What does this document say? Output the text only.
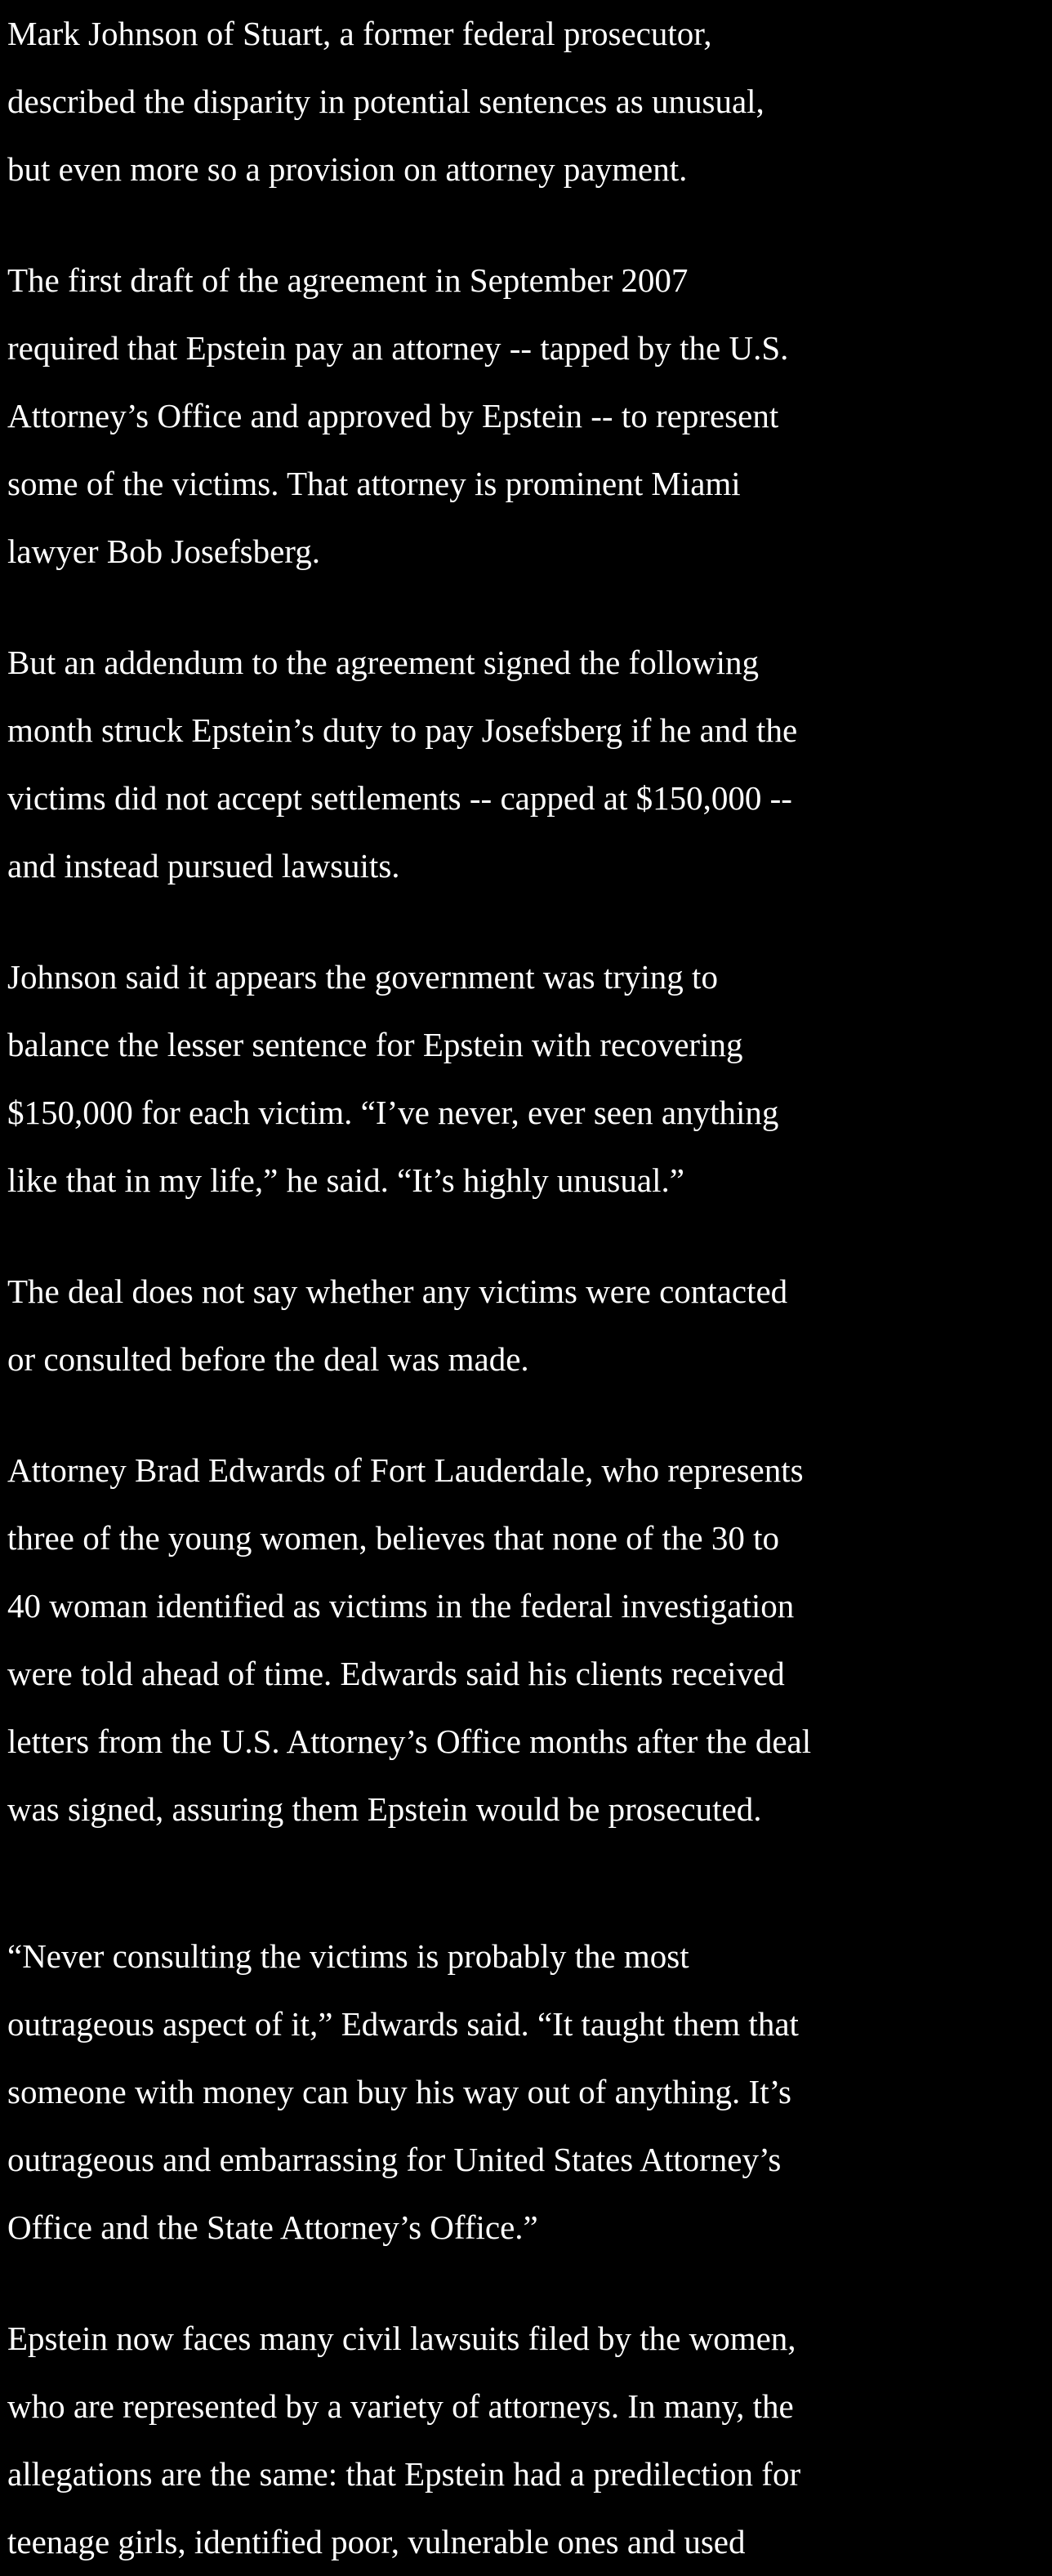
Mark Johnson of Stuart, a former federal prosecutor,
described the disparity in potential sentences as unusual,
but even more so a provision on attorney payment.
The first draft of the agreement in September 2007
required that Epstein pay an attorney -- tapped by the U.S.
Attorney’s Office and approved by Epstein -- to represent
some of the victims. That attorney is prominent Miami
lawyer Bob Josefsberg.
But an addendum to the agreement signed the following
month struck Epstein’s duty to pay Josefsberg if he and the
victims did not accept settlements -- capped at $150,000 --
and instead pursued lawsuits.
Johnson said it appears the government was trying to
balance the lesser sentence for Epstein with recovering
$150,000 for each victim. “I’ve never, ever seen anything
like that in my life,” he said. “It’s highly unusual.”
The deal does not say whether any victims were contacted
or consulted before the deal was made.
Attorney Brad Edwards of Fort Lauderdale, who represents
three of the young women, believes that none of the 30 to
40 woman identified as victims in the federal investigation
were told ahead of time. Edwards said his clients received
letters from the U.S. Attorney’s Office months after the deal
was signed, assuring them Epstein would be prosecuted.
“Never consulting the victims is probably the most
outrageous aspect of it,” Edwards said. “It taught them that
someone with money can buy his way out of anything. It’s
outrageous and embarrassing for United States Attorney’s
Office and the State Attorney’s Office.”
Epstein now faces many civil lawsuits filed by the women,
who are represented by a variety of attorneys. In many, the
allegations are the same: that Epstein had a predilection for
teenage girls, identified poor, vulnerable ones and used
